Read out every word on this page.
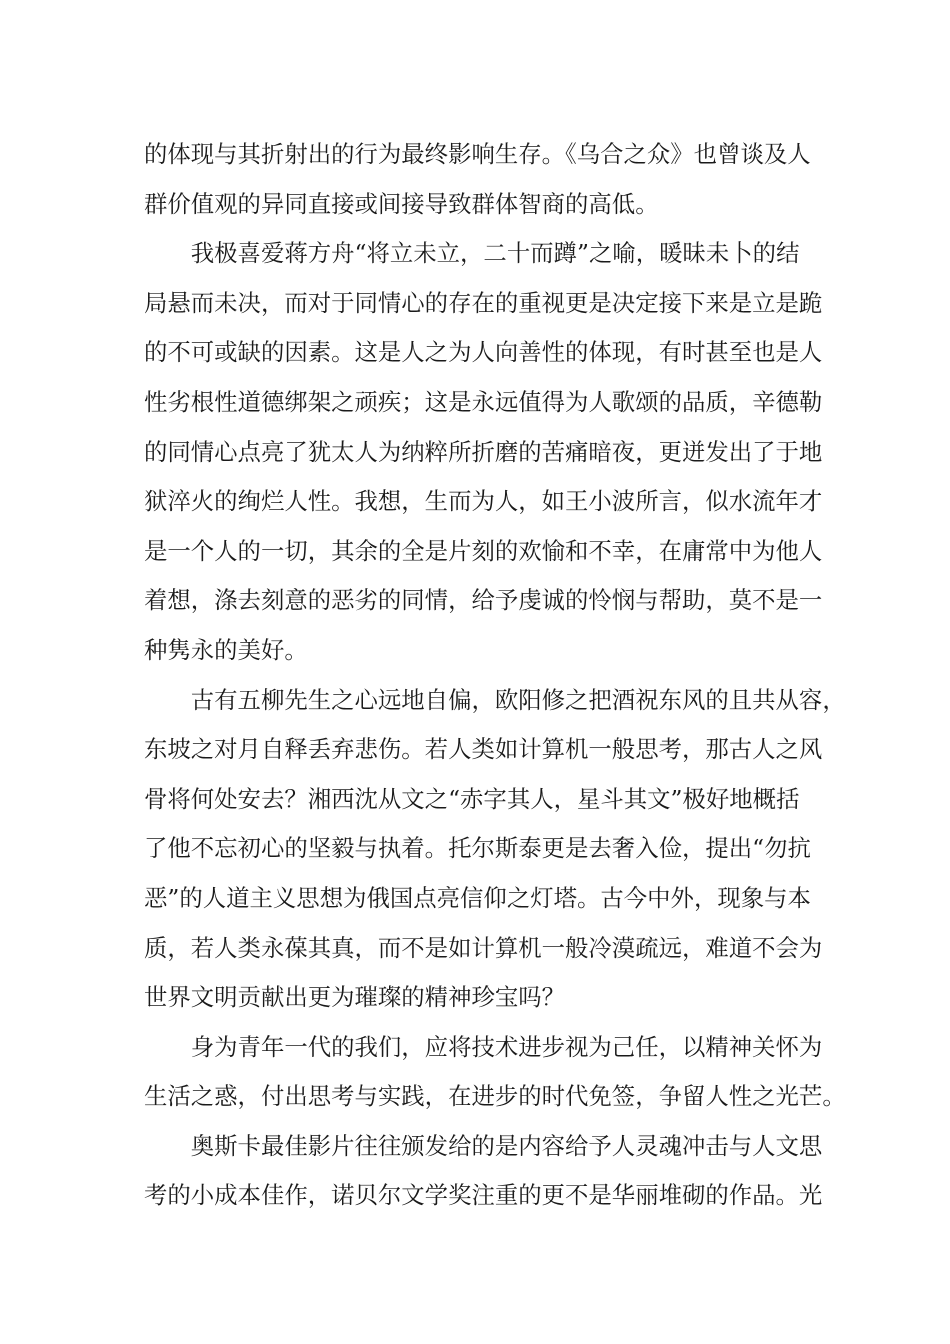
的体现与其折射出的行为最终影响生存。《乌合之众》也曾谈及人
群价值观的异同直接或间接导致群体智商的高低。
　　我极喜爱蒋方舟“将立未立，二十而蹲”之喻，暖昧未卜的结
局悬而未决，而对于同情心的存在的重视更是决定接下来是立是跪
的不可或缺的因素。这是人之为人向善性的体现，有时甚至也是人
性劣根性道德绑架之顽疾；这是永远值得为人歌颂的品质，辛德勒
的同情心点亮了犹太人为纳粹所折磨的苦痛暗夜，更迸发出了于地
狱淬火的绚烂人性。我想，生而为人，如王小波所言，似水流年才
是一个人的一切，其余的全是片刻的欢愉和不幸，在庸常中为他人
着想，涤去刻意的恶劣的同情，给予虔诚的怜悯与帮助，莫不是一
种隽永的美好。
　　古有五柳先生之心远地自偏，欧阳修之把酒祝东风的且共从容，
东坡之对月自释丢弃悲伤。若人类如计算机一般思考，那古人之风
骨将何处安去？湘西沈从文之“赤字其人，星斗其文”极好地概括
了他不忘初心的坚毅与执着。托尔斯泰更是去奢入俭，提出“勿抗
恶”的人道主义思想为俄国点亮信仰之灯塔。古今中外，现象与本
质，若人类永葆其真，而不是如计算机一般冷漠疏远，难道不会为
世界文明贡献出更为璀璨的精神珍宝吗？
　　身为青年一代的我们，应将技术进步视为己任，以精神关怀为
生活之惑，付出思考与实践，在进步的时代免签，争留人性之光芒。
　　奥斯卡最佳影片往往颁发给的是内容给予人灵魂冲击与人文思
考的小成本佳作，诺贝尔文学奖注重的更不是华丽堆砌的作品。光
